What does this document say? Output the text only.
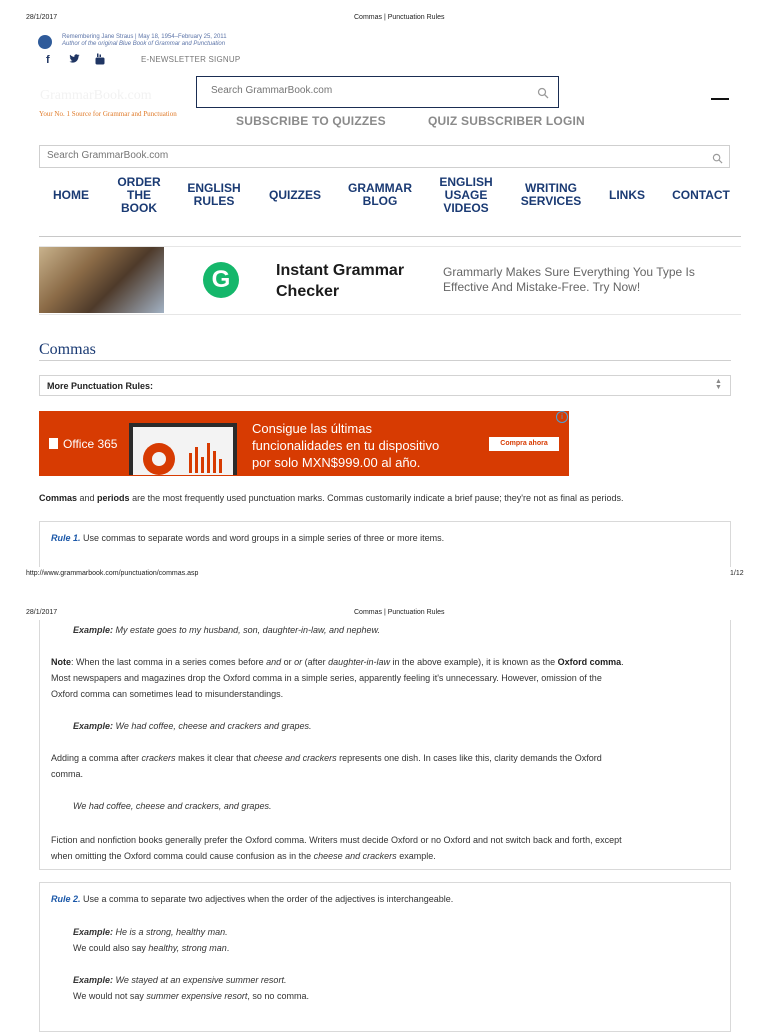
28/1/2017	Commas | Punctuation Rules
Remembering Jane Straus | May 18, 1954–February 25, 2011
Author of the original Blue Book of Grammar and Punctuation
f	E-NEWSLETTER SIGNUP
GrammarBook.com
Your No. 1 Source for Grammar and Punctuation
Search GrammarBook.com	SUBSCRIBE TO QUIZZES	QUIZ SUBSCRIBER LOGIN
Search GrammarBook.com
HOME
ORDER
THE
BOOK
ENGLISH
RULES	QUIZZES	GRAMMAR
BLOG
ENGLISH
USAGE
VIDEOS
WRITING
SERVICES	LINKS	CONTACT
G	Instant Grammar
Checker
Grammarly Makes Sure Everything You Type Is
Effective And Mistake-Free. Try Now!
Commas
More Punctuation Rules:	▲
▼
Office 365
Consigue las últimas
funcionalidades en tu dispositivo
por solo MXN$999.00 al año.
Compra ahora
i
Commas and periods are the most frequently used punctuation marks. Commas customarily indicate a brief pause; they're not as final as periods.
Rule 1. Use commas to separate words and word groups in a simple series of three or more items.
http://www.grammarbook.com/punctuation/commas.asp	1/12
28/1/2017	Commas | Punctuation Rules
Example: My estate goes to my husband, son, daughter-in-law, and nephew.
Note: When the last comma in a series comes before and or or (after daughter-in-law in the above example), it is known as the Oxford comma.
Most newspapers and magazines drop the Oxford comma in a simple series, apparently feeling it's unnecessary. However, omission of the
Oxford comma can sometimes lead to misunderstandings.
Example: We had coffee, cheese and crackers and grapes.
Adding a comma after crackers makes it clear that cheese and crackers represents one dish. In cases like this, clarity demands the Oxford
comma.
We had coffee, cheese and crackers, and grapes.
Fiction and nonfiction books generally prefer the Oxford comma. Writers must decide Oxford or no Oxford and not switch back and forth, except
when omitting the Oxford comma could cause confusion as in the cheese and crackers example.
Rule 2. Use a comma to separate two adjectives when the order of the adjectives is interchangeable.
Example: He is a strong, healthy man.
We could also say healthy, strong man.
Example: We stayed at an expensive summer resort.
We would not say summer expensive resort, so no comma.
